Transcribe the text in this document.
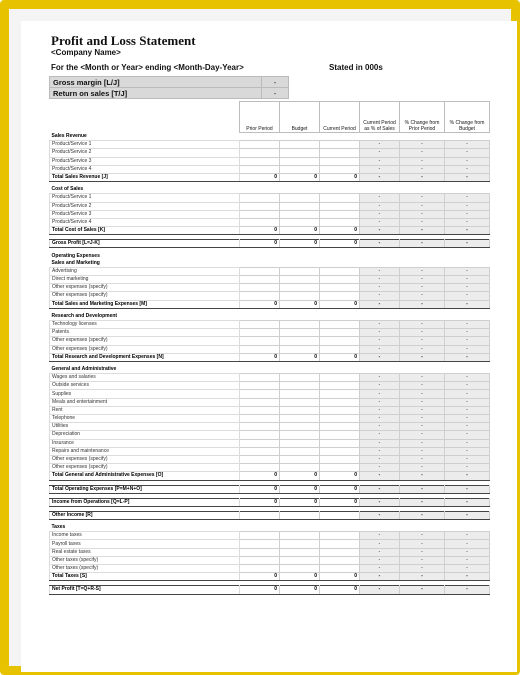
Profit and Loss Statement
<Company Name>
For the <Month or Year> ending <Month-Day-Year>	Stated in 000s
Gross margin [L/J]	-
Return on sales [T/J]	-
	Prior Period	Budget	Current Period	Current Period as % of Sales	% Change from Prior Period	% Change from Budget
Sales Revenue						
Product/Service 1				-	-	-
Product/Service 2				-	-	-
Product/Service 3				-	-	-
Product/Service 4				-	-	-
Total Sales Revenue [J]	0	0	0	-	-	-

Cost of Sales						
Product/Service 1				-	-	-
Product/Service 2				-	-	-
Product/Service 3				-	-	-
Product/Service 4				-	-	-
Total Cost of Sales [K]	0	0	0	-	-	-

Gross Profit [L=J-K]	0	0	0	-	-	-

Operating Expenses						
Sales and Marketing						
Advertising				-	-	-
Direct marketing				-	-	-
Other expenses (specify)				-	-	-
Other expenses (specify)				-	-	-
Total Sales and Marketing Expenses [M]	0	0	0	-	-	-

Research and Development						
Technology licenses				-	-	-
Patents				-	-	-
Other expenses (specify)				-	-	-
Other expenses (specify)				-	-	-
Total Research and Development Expenses [N]	0	0	0	-	-	-

General and Administrative						
Wages and salaries				-	-	-
Outside services				-	-	-
Supplies				-	-	-
Meals and entertainment				-	-	-
Rent				-	-	-
Telephone				-	-	-
Utilities				-	-	-
Depreciation				-	-	-
Insurance				-	-	-
Repairs and maintenance				-	-	-
Other expenses (specify)				-	-	-
Other expenses (specify)				-	-	-
Total General and Administrative Expenses [O]	0	0	0	-	-	-

Total Operating Expenses [P=M+N+O]	0	0	0	-	-	-

Income from Operations [Q=L-P]	0	0	0	-	-	-

Other Income [R]				-	-	-

Taxes						
Income taxes				-	-	-
Payroll taxes				-	-	-
Real estate taxes				-	-	-
Other taxes (specify)				-	-	-
Other taxes (specify)				-	-	-
Total Taxes [S]	0	0	0	-	-	-

Net Profit [T=Q+R-S]	0	0	0	-	-	-
